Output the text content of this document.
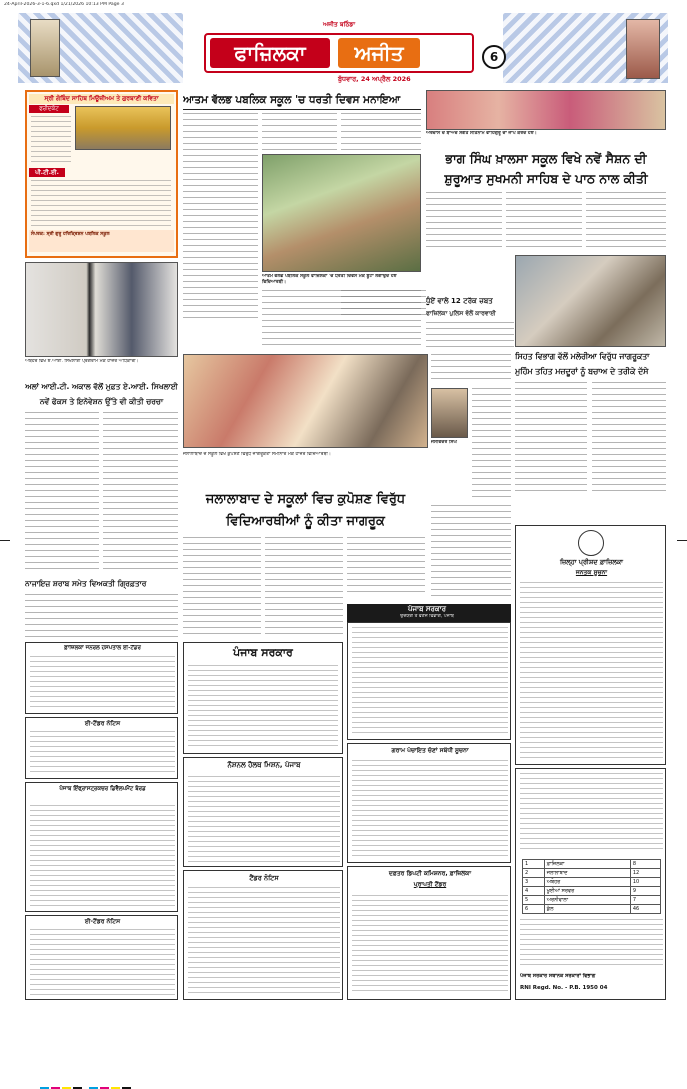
24-April-2026-3-1-6.qxd 1/21/2026 10:13 PM Page 3
ਫਾਜ਼ਿਲਕਾ	ਅਜੀਤ
ਅਜੀਤ ਬਠਿੰਡਾ
ਬੁੱਧਵਾਰ, 24 ਅਪ੍ਰੈਲ 2026
6
ਸ੍ਰੀ ਗੋਬਿੰਦ ਸਾਹਿਬ ਮਿਊਜ਼ੀਅਮ ਤੇ ਗੁਰਬਾਣੀ ਕਵਿਤਾ
ਫਰੀਦਕੋਟ
ਪੀ.ਟੀ.ਈ.
ਸੰਪਰਕ: ਸ੍ਰੀ ਗੁਰੂ ਹਰਿਕ੍ਰਿਸ਼ਨ ਪਬਲਿਕ ਸਕੂਲ
ਆਤਮ ਵੱਲਭ ਪਬਲਿਕ ਸਕੂਲ 'ਚ ਧਰਤੀ ਦਿਵਸ ਮਨਾਇਆ
ਆਤਮ ਵੱਲਭ ਪਬਲਿਕ ਸਕੂਲ ਫਾਜ਼ਿਲਕਾ 'ਚ ਧਰਤੀ ਦਿਵਸ ਮੌਕੇ ਬੂਟਾ ਲਗਾਉਂਦੇ ਹੋਏ ਵਿਦਿਆਰਥੀ।
ਅਰਦਾਸ ਦੇ ਬਾਅਦ ਸੰਗਤ ਸਤਿਨਾਮ ਵਾਹਿਗੁਰੂ ਦਾ ਜਾਪ ਕਰਦੇ ਹੋਏ।
ਭਾਗ ਸਿੰਘ ਖ਼ਾਲਸਾ ਸਕੂਲ ਵਿਖੇ ਨਵੇਂ ਸੈਸ਼ਨ ਦੀ
ਸ਼ੁਰੂਆਤ ਸੁਖਮਨੀ ਸਾਹਿਬ ਦੇ ਪਾਠ ਨਾਲ ਕੀਤੀ
ਅਬੋਹਰ ਵਿਖੇ ਏ.ਆਈ. ਸਿਖਲਾਈ ਪ੍ਰੋਗਰਾਮ ਮੌਕੇ ਹਾਜ਼ਰ ਅਧਿਕਾਰੀ।
ਅਲਾਂ ਆਈ.ਟੀ. ਅਕਾਲ ਵੱਲੋਂ ਮੁਫ਼ਤ ਏ.ਆਈ. ਸਿਖਲਾਈ
ਨਵੇਂ ਫੋਕਸ ਤੇ ਇਨੋਵੇਸ਼ਨ ਉੱਤੇ ਵੀ ਕੀਤੀ ਚਰਚਾ
ਨਾਜਾਇਜ਼ ਸ਼ਰਾਬ ਸਮੇਤ ਵਿਅਕਤੀ ਗ੍ਰਿਫ਼ਤਾਰ
ਧੂੰਏਂ ਵਾਲੇ 12 ਟਰੱਕ ਜ਼ਬਤ
ਫਾਜ਼ਿਲਕਾ ਪੁਲਿਸ ਵੱਲੋਂ ਕਾਰਵਾਈ
ਸਿਹਤ ਵਿਭਾਗ ਵੱਲੋਂ ਮਲੇਰੀਆ ਵਿਰੁੱਧ ਜਾਗਰੂਕਤਾ
ਮੁਹਿੰਮ ਤਹਿਤ ਮਜ਼ਦੂਰਾਂ ਨੂੰ ਬਚਾਅ ਦੇ ਤਰੀਕੇ ਦੱਸੇ
ਜਲਾਲਾਬਾਦ ਦੇ ਸਕੂਲ ਵਿਖੇ ਕੁਪੋਸ਼ਣ ਵਿਰੁੱਧ ਜਾਗਰੂਕਤਾ ਸੈਮੀਨਾਰ ਮੌਕੇ ਹਾਜ਼ਰ ਵਿਦਿਆਰਥੀ।
ਜਸਵਿੰਦਰ ਸਿੰਘ
ਜਲਾਲਾਬਾਦ ਦੇ ਸਕੂਲਾਂ ਵਿਚ ਕੁਪੋਸ਼ਣ ਵਿਰੁੱਧ
ਵਿਦਿਆਰਥੀਆਂ ਨੂੰ ਕੀਤਾ ਜਾਗਰੂਕ
ਜ਼ਿਲ੍ਹਾ ਪ੍ਰੀਸ਼ਦ ਫ਼ਾਜ਼ਿਲਕਾ
ਜਨਤਕ ਸੂਚਨਾ
ਪੰਜਾਬ ਸਰਕਾਰ
ਪੰਜਾਬ ਸਰਕਾਰ
ਉਦਯੋਗ ਤੇ ਵਣਜ ਵਿਭਾਗ, ਪੰਜਾਬ
ਫ਼ਾਜ਼ਿਲਕਾ ਜਨਰਲ ਹਸਪਤਾਲ ਈ-ਟੈਂਡਰ
ਈ-ਟੈਂਡਰ ਨੋਟਿਸ
ਪੰਜਾਬ ਇੰਫ੍ਰਾਸਟ੍ਰਕਚਰ ਡਿਵੈਲਪਮੈਂਟ ਬੋਰਡ
ਈ-ਟੈਂਡਰ ਨੋਟਿਸ
ਨੈਸ਼ਨਲ ਹੈਲਥ ਮਿਸ਼ਨ, ਪੰਜਾਬ
ਟੈਂਡਰ ਨੋਟਿਸ
ਗਰਾਮ ਪੰਚਾਇਤ ਚੋਣਾਂ ਸਬੰਧੀ ਸੂਚਨਾ
ਦਫ਼ਤਰ ਡਿਪਟੀ ਕਮਿਸ਼ਨਰ, ਫ਼ਾਜ਼ਿਲਕਾ
ਪ੍ਰਾਪਤੀ ਟੈਂਡਰ
1	ਫ਼ਾਜ਼ਿਲਕਾ	8
2	ਜਲਾਲਾਬਾਦ	12
3	ਅਬੋਹਰ	10
4	ਖੂਈਆਂ ਸਰਵਰ	9
5	ਅਰਨੀਵਾਲਾ	7
6	ਕੁੱਲ	46
ਪੰਜਾਬ ਸਰਕਾਰ ਸਥਾਨਕ ਸਰਕਾਰਾਂ ਵਿਭਾਗ
RNI Regd. No. - P.B. 1950 04
